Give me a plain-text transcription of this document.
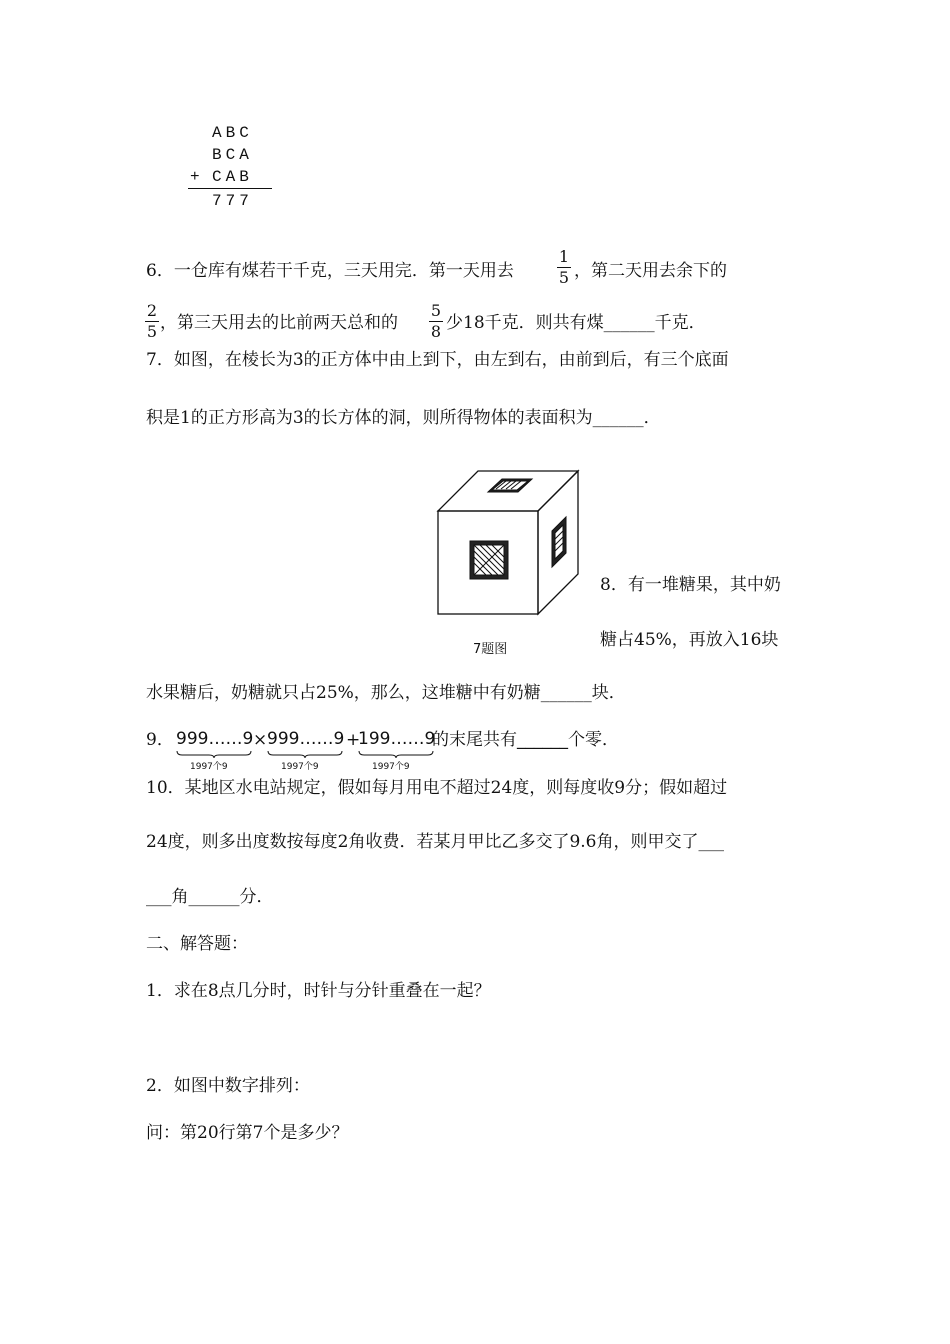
ABC
BCA
+ CAB
777
6．一仓库有煤若干千克，三天用完．第一天用去
1
5 ，第二天用去余下的
2
5 ，第三天用去的比前两天总和的
5
8 少18千克．则共有煤______千克．
7．如图，在棱长为3的正方体中由上到下，由左到右，由前到后，有三个底面
积是1的正方形高为3的长方体的洞，则所得物体的表面积为______．
7题图
8．有一堆糖果，其中奶
糖占45%，再放入16块
水果糖后，奶糖就只占25%，那么，这堆糖中有奶糖______块．
9． 999……9
1997个9
× 999……9
1997个9
+
199……9
1997个9
的末尾共有______个零．
10．某地区水电站规定，假如每月用电不超过24度，则每度收9分；假如超过
24度，则多出度数按每度2角收费．若某月甲比乙多交了9.6角，则甲交了___
___角______分．
二、解答题：
1．求在8点几分时，时针与分针重叠在一起？
2．如图中数字排列：
问：第20行第7个是多少？
